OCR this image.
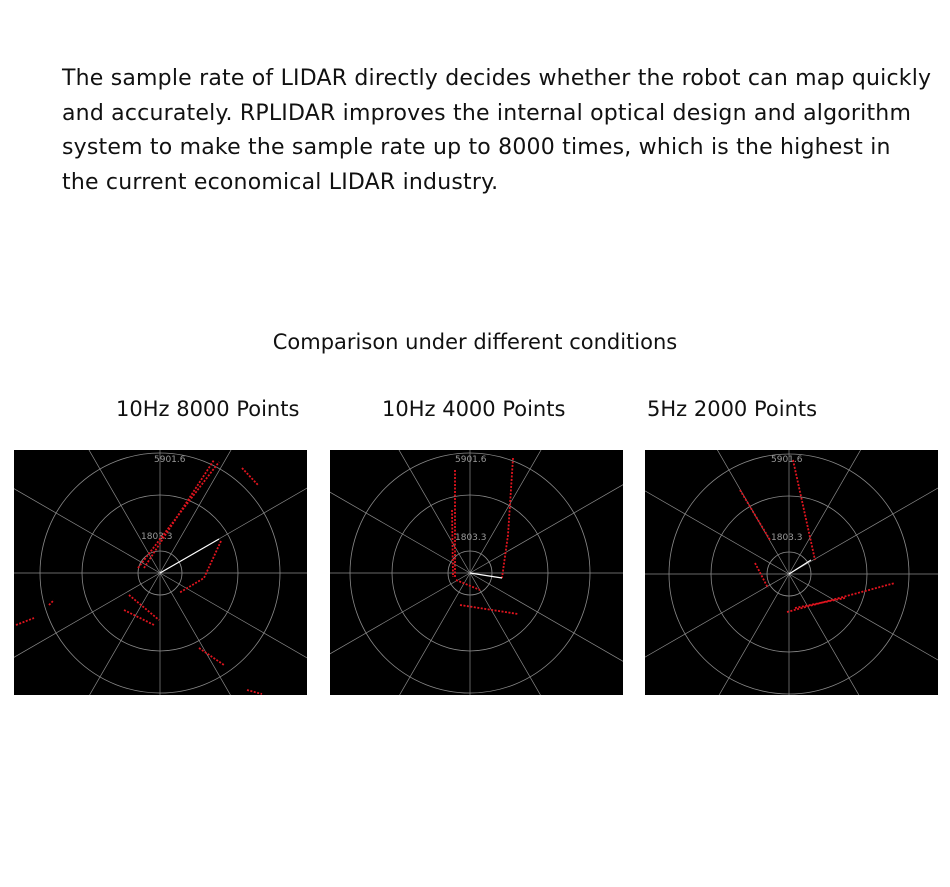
The sample rate of LIDAR directly decides whether the robot can map quickly and accurately. RPLIDAR improves the internal optical design and algorithm system to make the sample rate up to 8000 times, which is the highest in the current economical LIDAR industry.

Comparison under different conditions
10Hz 8000 Points	10Hz 4000 Points	5Hz 2000 Points
5901.6
1803.3
5901.6
1803.3
5901.6
1803.3
